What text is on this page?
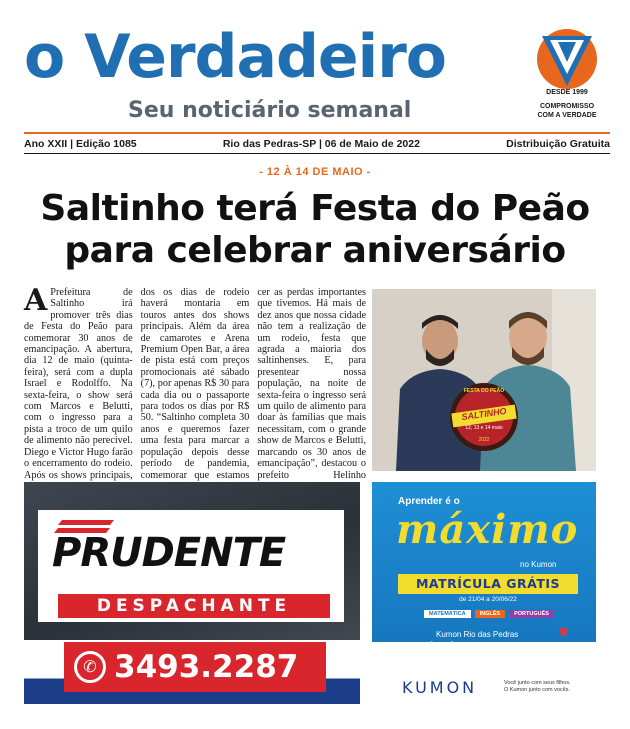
o Verdadeiro
Seu noticiário semanal
DESDE 1999
COMPROMISSO
COM A VERDADE
Ano XXII | Edição 1085	Rio das Pedras-SP | 06 de Maio de 2022	Distribuição Gratuita
- 12 À 14 DE MAIO -
Saltinho terá Festa do Peão
para celebrar aniversário
A Prefeitura de Saltinho irá promover três dias de Festa do Peão para comemorar 30 anos de emancipação. A abertura, dia 12 de maio (quinta-feira), será com a dupla Israel e Rodolffo. Na sexta-feira, o show será com Marcos e Belutti, com o ingresso para a pista a troco de um quilo de alimento não perecível. Diego e Victor Hugo farão o encerramento do rodeio. Após os shows principais,
dos os dias de rodeio haverá montaria em touros antes dos shows principais. Além da área de camarotes e Arena Premium Open Bar, a área de pista está com preços promocionais até sábado (7), por apenas R$ 30 para cada dia ou o passaporte para todos os dias por R$ 50. “Saltinho completa 30 anos e queremos fazer uma festa para marcar a população depois desse período de pandemia, comemorar que estamos
cer as perdas importantes que tivemos. Há mais de dez anos que nossa cidade não tem a realização de um rodeio, festa que agrada a maioria dos saltinhenses. E, para presentear nossa população, na noite de sexta-feira o ingresso será um quilo de alimento para doar às famílias que mais necessitam, com o grande show de Marcos e Belutti, marcando os 30 anos de emancipação”, destacou o prefeito Helinho
FESTA DO PEÃO
SALTINHO
12, 13 e 14 maio
2022
PRUDENTE
DESPACHANTE
✆ 3493.2287
Aprender é o
máximo
no Kumon
MATRÍCULA GRÁTIS
de 21/04 a 20/06/22
MATEMÁTICA	INGLÊS	PORTUGUÊS
♥
Kumon Rio das Pedras
(19) 99471-0013
Rua João Batista de Aguiar, 447. Rio das Pedras
KUMON	Você junto com seus filhos.
O Kumon junto com vocês.
